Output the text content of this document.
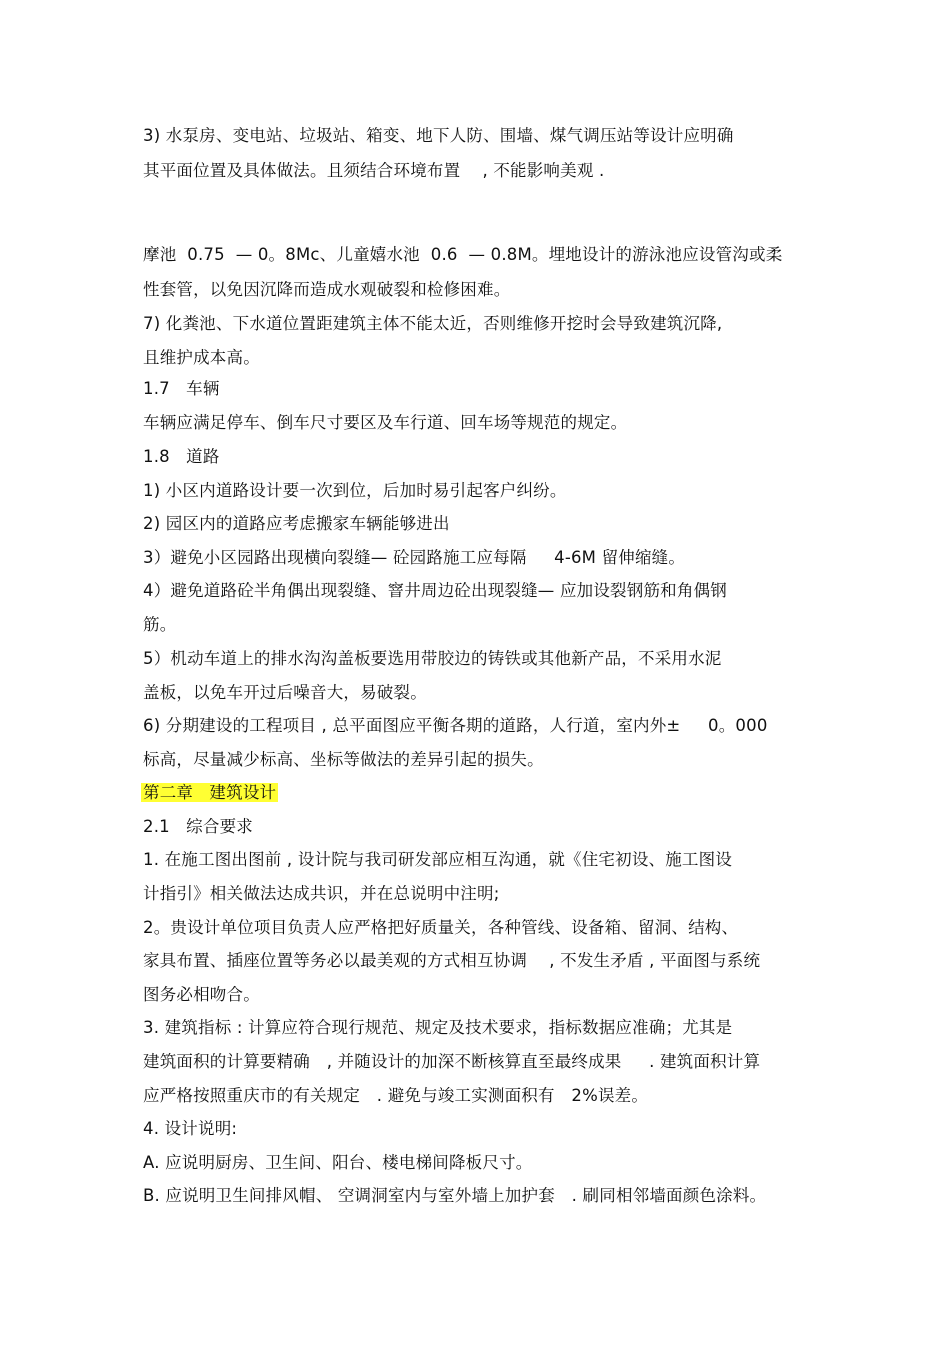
3) 水泵房、变电站、垃圾站、箱变、地下人防、围墙、煤气调压站等设计应明确
其平面位置及具体做法。且须结合环境布置　 , 不能影响美观 .
摩池  0.75  — 0。8Mc、儿童嬉水池  0.6  — 0.8M。埋地设计的游泳池应设管沟或柔
性套管，以免因沉降而造成水观破裂和检修困难。
7) 化粪池、下水道位置距建筑主体不能太近，否则维修开挖时会导致建筑沉降,
且维护成本高。
1.7   车辆
车辆应满足停车、倒车尺寸要区及车行道、回车场等规范的规定。
1.8   道路
1) 小区内道路设计要一次到位，后加时易引起客户纠纷。
2) 园区内的道路应考虑搬家车辆能够进出
3）避免小区园路出现横向裂缝— 砼园路施工应每隔　  4-6M 留伸缩缝。
4）避免道路砼半角偶出现裂缝、窨井周边砼出现裂缝— 应加设裂钢筋和角偶钢
筋。
5）机动车道上的排水沟沟盖板要选用带胶边的铸铁或其他新产品，不采用水泥
盖板，以免车开过后噪音大，易破裂。
6) 分期建设的工程项目 , 总平面图应平衡各期的道路，人行道，室内外±　  0。000
标高，尽量减少标高、坐标等做法的差异引起的损失。
第二章   建筑设计
2.1   综合要求
1. 在施工图出图前 , 设计院与我司研发部应相互沟通，就《住宅初设、施工图设
计指引》相关做法达成共识，并在总说明中注明;
2。贵设计单位项目负责人应严格把好质量关，各种管线、设备箱、留洞、结构、
家具布置、插座位置等务必以最美观的方式相互协调　 , 不发生矛盾 , 平面图与系统
图务必相吻合。
3. 建筑指标 : 计算应符合现行规范、规定及技术要求，指标数据应准确；尤其是
建筑面积的计算要精确　, 并随设计的加深不断核算直至最终成果　  . 建筑面积计算
应严格按照重庆市的有关规定　. 避免与竣工实测面积有　2%误差。
4. 设计说明:
A. 应说明厨房、卫生间、阳台、楼电梯间降板尺寸。
B. 应说明卫生间排风帽、 空调洞室内与室外墙上加护套　. 刷同相邻墙面颜色涂料。
